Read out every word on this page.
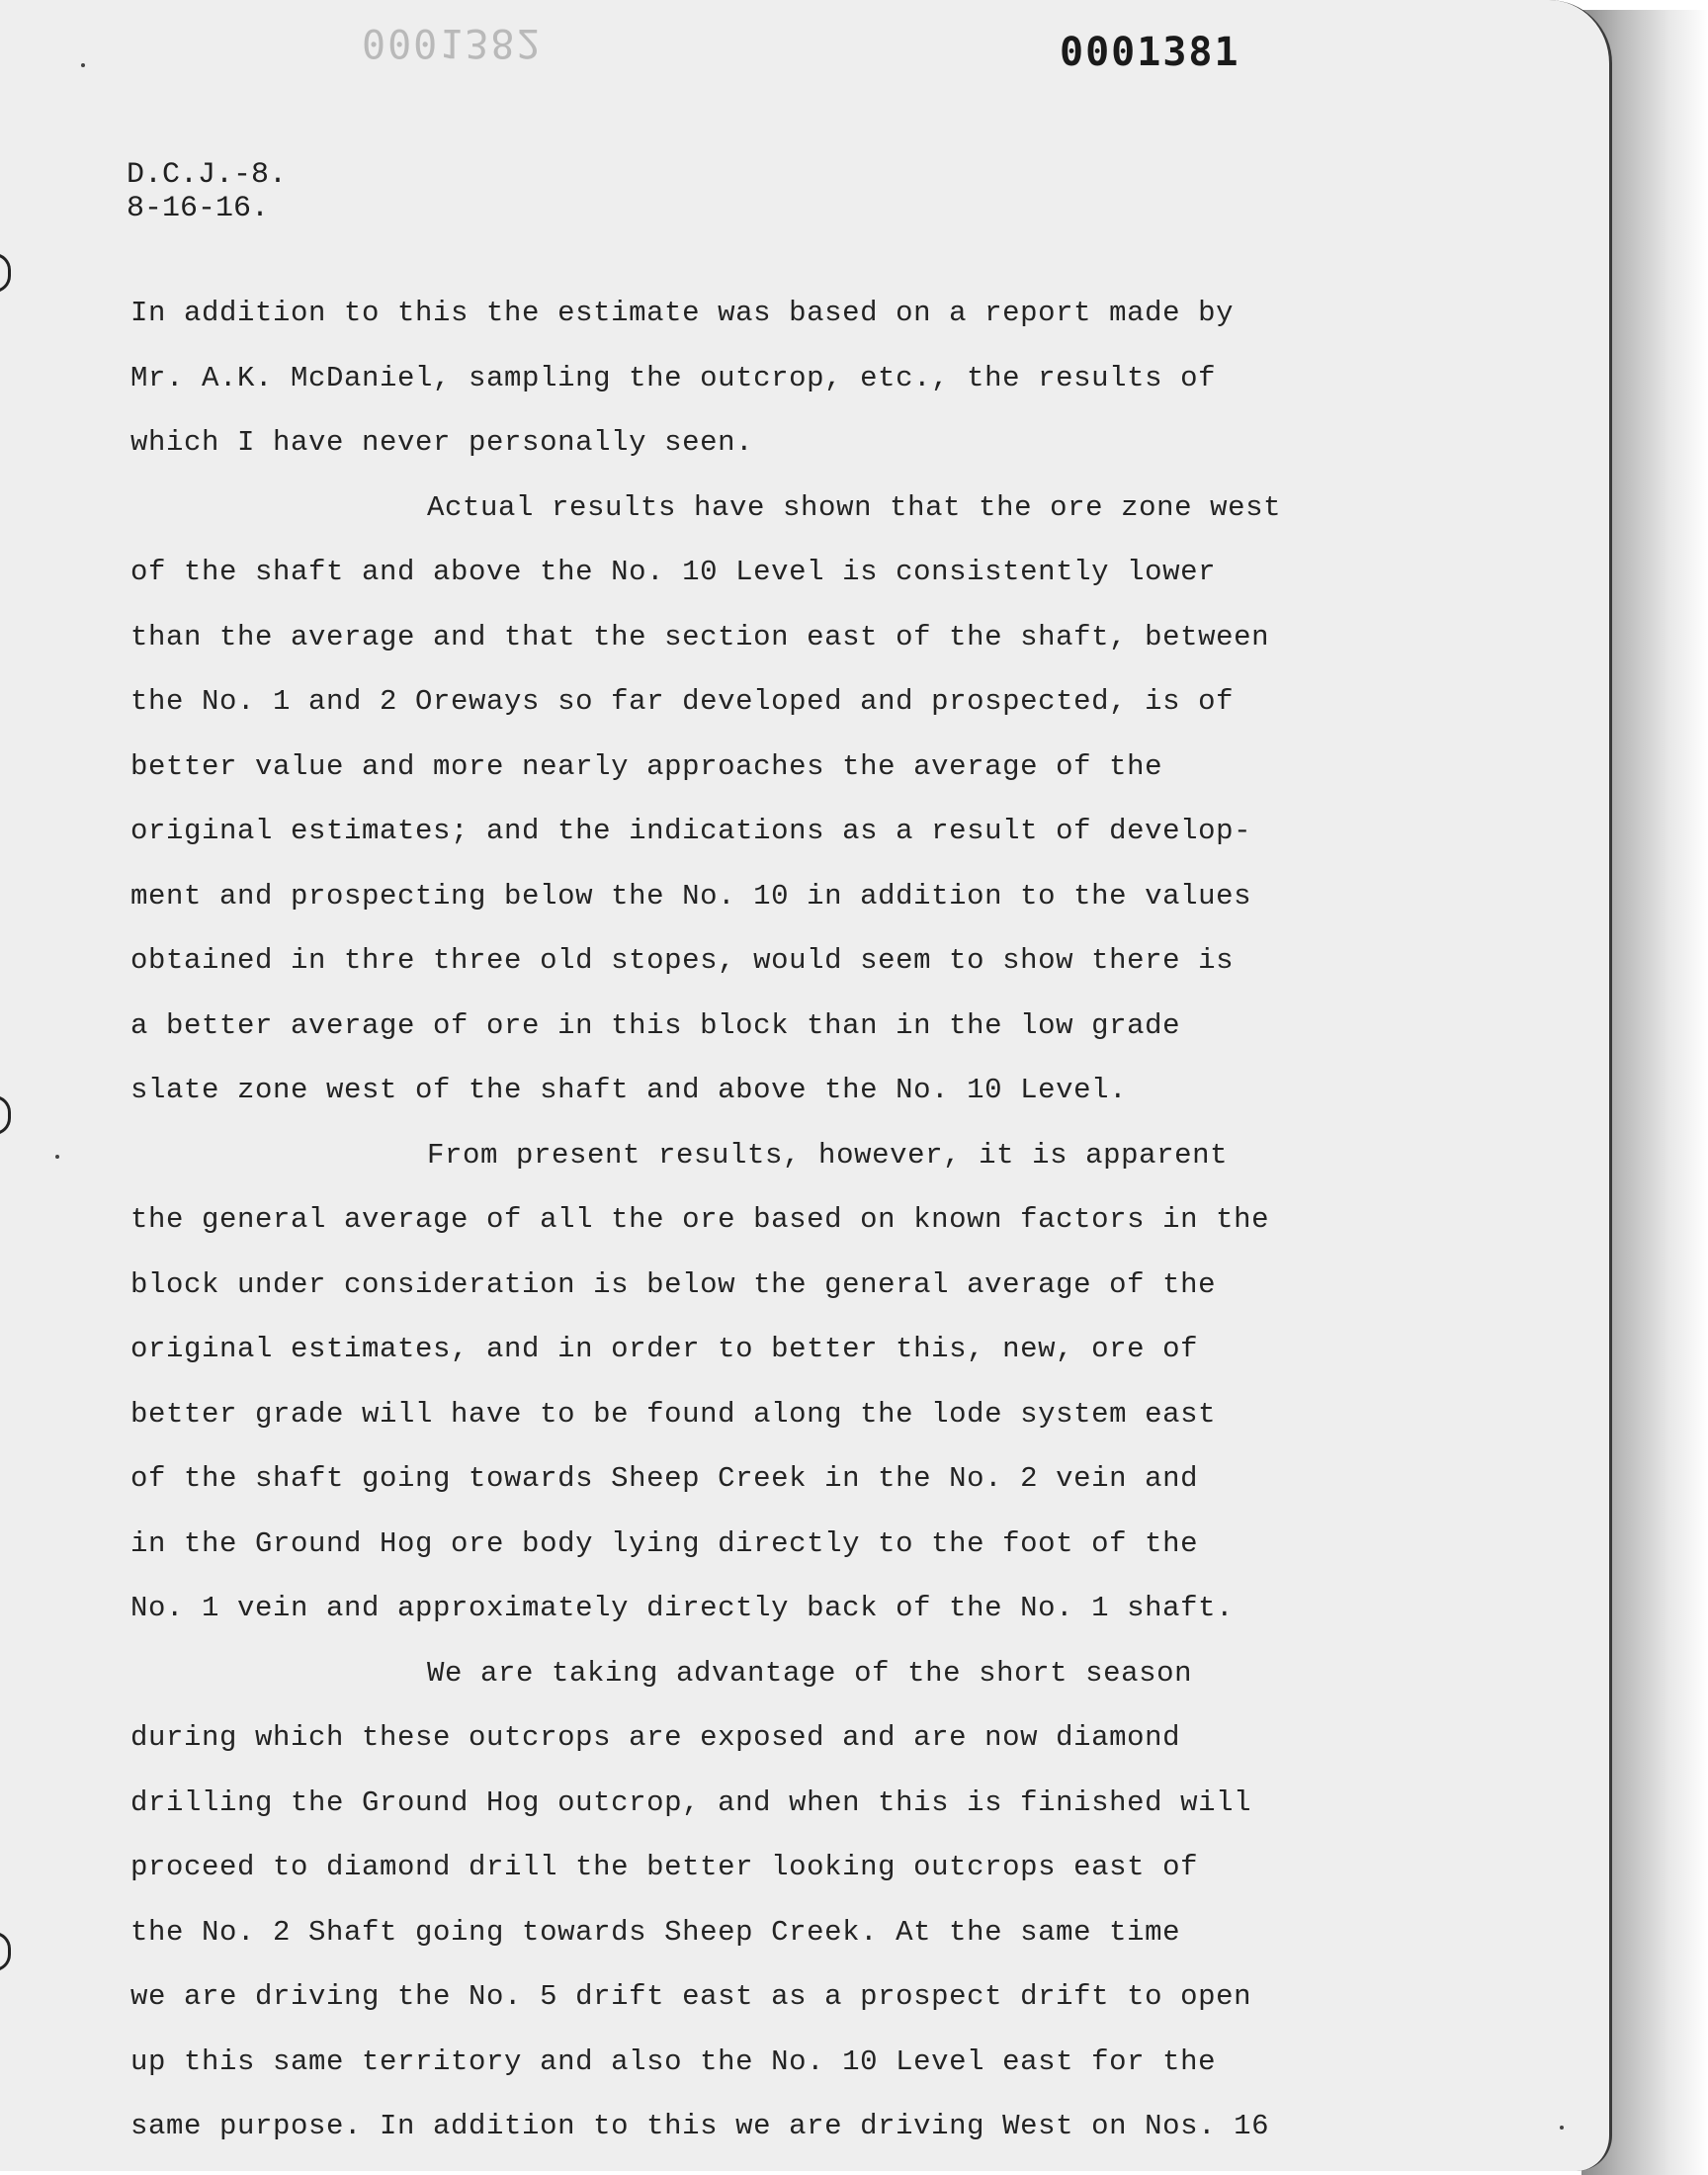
0001382	0001381
D.C.J.-8.
8-16-16.
In addition to this the estimate was based on a report made by
Mr. A.K. McDaniel, sampling the outcrop, etc., the results of
which I have never personally seen.
Actual results have shown that the ore zone west
of the shaft and above the No. 10 Level is consistently lower
than the average and that the section east of the shaft, between
the No. 1 and 2 Oreways so far developed and prospected, is of
better value and more nearly approaches the average of the
original estimates; and the indications as a result of develop-
ment and prospecting below the No. 10 in addition to the values
obtained in thre three old stopes, would seem to show there is
a better average of ore in this block than in the low grade
slate zone west of the shaft and above the No. 10 Level.
From present results, however, it is apparent
the general average of all the ore based on known factors in the
block under consideration is below the general average of the
original estimates, and in order to better this, new, ore of
better grade will have to be found along the lode system east
of the shaft going towards Sheep Creek in the No. 2 vein and
in the Ground Hog ore body lying directly to the foot of the
No. 1 vein and approximately directly back of the No. 1 shaft.
We are taking advantage of the short season
during which these outcrops are exposed and are now diamond
drilling the Ground Hog outcrop, and when this is finished will
proceed to diamond drill the better looking outcrops east of
the No. 2 Shaft going towards Sheep Creek. At the same time
we are driving the No. 5 drift east as a prospect drift to open
up this same territory and also the No. 10 Level east for the
same purpose. In addition to this we are driving West on Nos. 16
